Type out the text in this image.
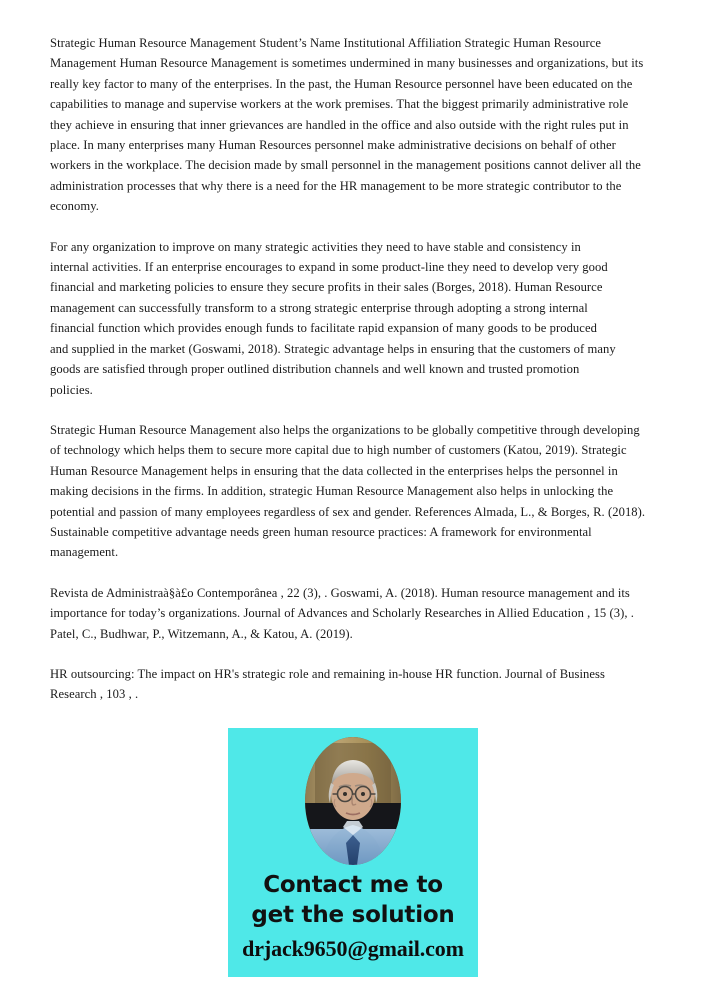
Strategic Human Resource Management Student’s Name Institutional Affiliation Strategic Human Resource Management Human Resource Management is sometimes undermined in many businesses and organizations, but its really key factor to many of the enterprises. In the past, the Human Resource personnel have been educated on the capabilities to manage and supervise workers at the work premises. That the biggest primarily administrative role they achieve in ensuring that inner grievances are handled in the office and also outside with the right rules put in place. In many enterprises many Human Resources personnel make administrative decisions on behalf of other workers in the workplace. The decision made by small personnel in the management positions cannot deliver all the administration processes that why there is a need for the HR management to be more strategic contributor to the economy.

For any organization to improve on many strategic activities they need to have stable and consistency in internal activities. If an enterprise encourages to expand in some product-line they need to develop very good financial and marketing policies to ensure they secure profits in their sales (Borges, 2018). Human Resource management can successfully transform to a strong strategic enterprise through adopting a strong internal financial function which provides enough funds to facilitate rapid expansion of many goods to be produced and supplied in the market (Goswami, 2018). Strategic advantage helps in ensuring that the customers of many goods are satisfied through proper outlined distribution channels and well known and trusted promotion policies.

Strategic Human Resource Management also helps the organizations to be globally competitive through developing of technology which helps them to secure more capital due to high number of customers (Katou, 2019). Strategic Human Resource Management helps in ensuring that the data collected in the enterprises helps the personnel in making decisions in the firms. In addition, strategic Human Resource Management also helps in unlocking the potential and passion of many employees regardless of sex and gender. References Almada, L., & Borges, R. (2018). Sustainable competitive advantage needs green human resource practices: A framework for environmental management.

Revista de Administraà§à£o Contemporânea , 22 (3), . Goswami, A. (2018). Human resource management and its importance for today’s organizations. Journal of Advances and Scholarly Researches in Allied Education , 15 (3), . Patel, C., Budhwar, P., Witzemann, A., & Katou, A. (2019).

HR outsourcing: The impact on HR's strategic role and remaining in-house HR function. Journal of Business Research , 103 , .

Contact me to
get the solution
drjack9650@gmail.com
